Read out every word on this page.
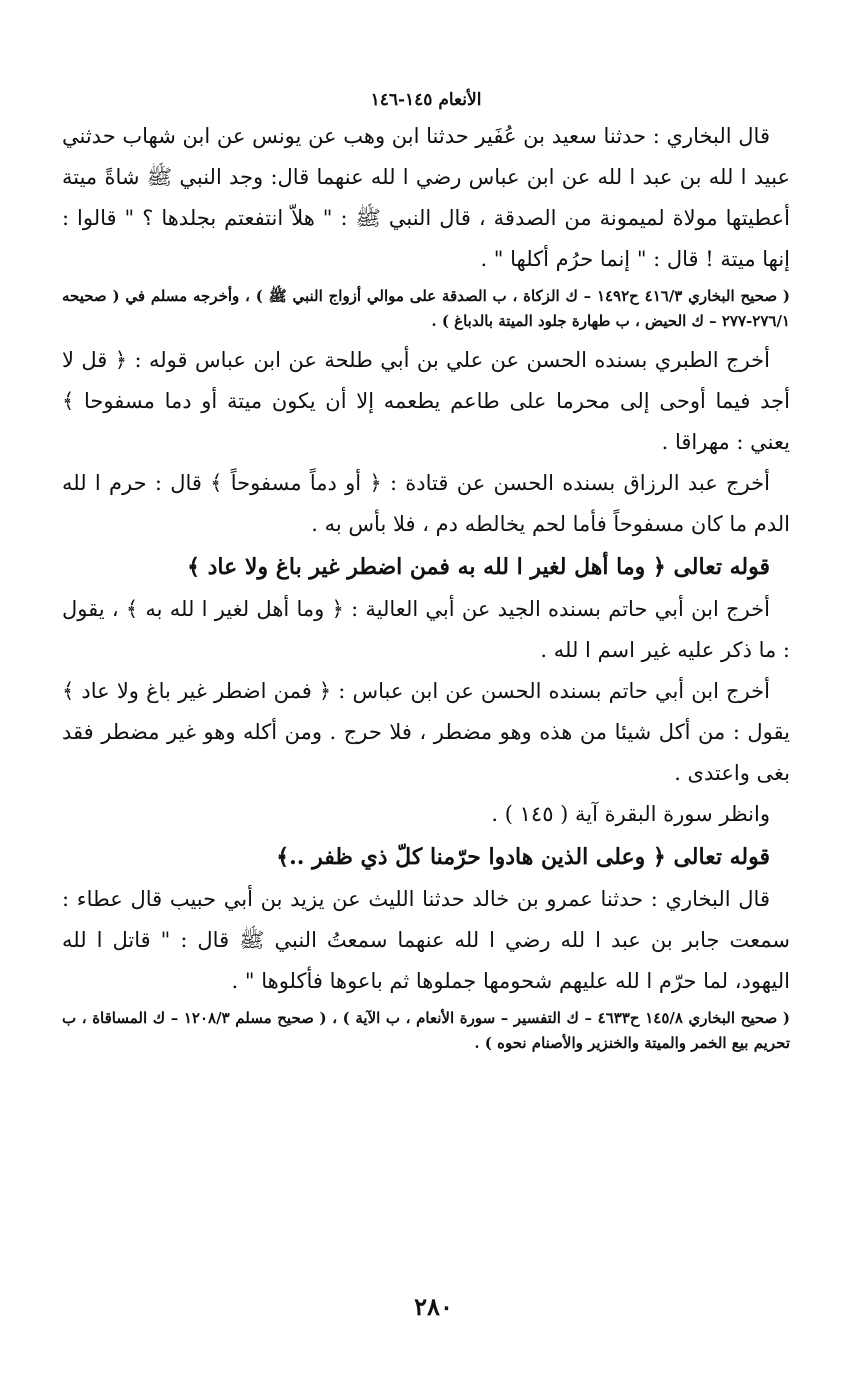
الأنعام ١٤٥-١٤٦

قال البخاري : حدثنا سعيد بن عُفَير حدثنا ابن وهب عن يونس عن ابن شهاب حدثني عبيد ا لله بن عبد ا لله عن ابن عباس رضي ا لله عنهما قال: وجد النبي ﷺ شاةً ميتة أعطيتها مولاة لميمونة من الصدقة ، قال النبي ﷺ : " هلاّ انتفعتم بجلدها ؟ " قالوا : إنها ميتة ! قال : " إنما حرُم أكلها " .

( صحيح البخاري ٤١٦/٣ ح١٤٩٢ – ك الزكاة ، ب الصدقة على موالي أزواج النبي ﷺ ) ، وأخرجه مسلم في ( صحيحه ٢٧٦/١-٢٧٧ – ك الحيض ، ب طهارة جلود الميتة بالدباغ ) .

أخرج الطبري بسنده الحسن عن علي بن أبي طلحة عن ابن عباس قوله : ﴿ قل لا أجد فيما أوحى إلى محرما على طاعم يطعمه إلا أن يكون ميتة أو دما مسفوحا ﴾ يعني : مهراقا .

أخرج عبد الرزاق بسنده الحسن عن قتادة : ﴿ أو دماً مسفوحاً ﴾ قال : حرم ا لله الدم ما كان مسفوحاً فأما لحم يخالطه دم ، فلا بأس به .

قوله تعالى ﴿ وما أهل لغير ا لله به فمن اضطر غير باغ ولا عاد ﴾

أخرج ابن أبي حاتم بسنده الجيد عن أبي العالية : ﴿ وما أهل لغير ا لله به ﴾ ، يقول : ما ذكر عليه غير اسم ا لله .

أخرج ابن أبي حاتم بسنده الحسن عن ابن عباس : ﴿ فمن اضطر غير باغ ولا عاد ﴾ يقول : من أكل شيئا من هذه وهو مضطر ، فلا حرج . ومن أكله وهو غير مضطر فقد بغى واعتدى .

وانظر سورة البقرة آية ( ١٤٥ ) .

قوله تعالى ﴿ وعلى الذين هادوا حرّمنا كلّ ذي ظفر ..﴾

قال البخاري : حدثنا عمرو بن خالد حدثنا الليث عن يزيد بن أبي حبيب قال عطاء : سمعت جابر بن عبد ا لله رضي ا لله عنهما سمعتُ النبي ﷺ قال : " قاتل ا لله اليهود، لما حرّم ا لله عليهم شحومها جملوها ثم باعوها فأكلوها " .

( صحيح البخاري ١٤٥/٨ ح٤٦٣٣ – ك التفسير – سورة الأنعام ، ب الآية ) ، ( صحيح مسلم ١٢٠٨/٣ – ك المساقاة ، ب تحريم بيع الخمر والميتة والخنزير والأصنام نحوه ) .

٢٨٠
